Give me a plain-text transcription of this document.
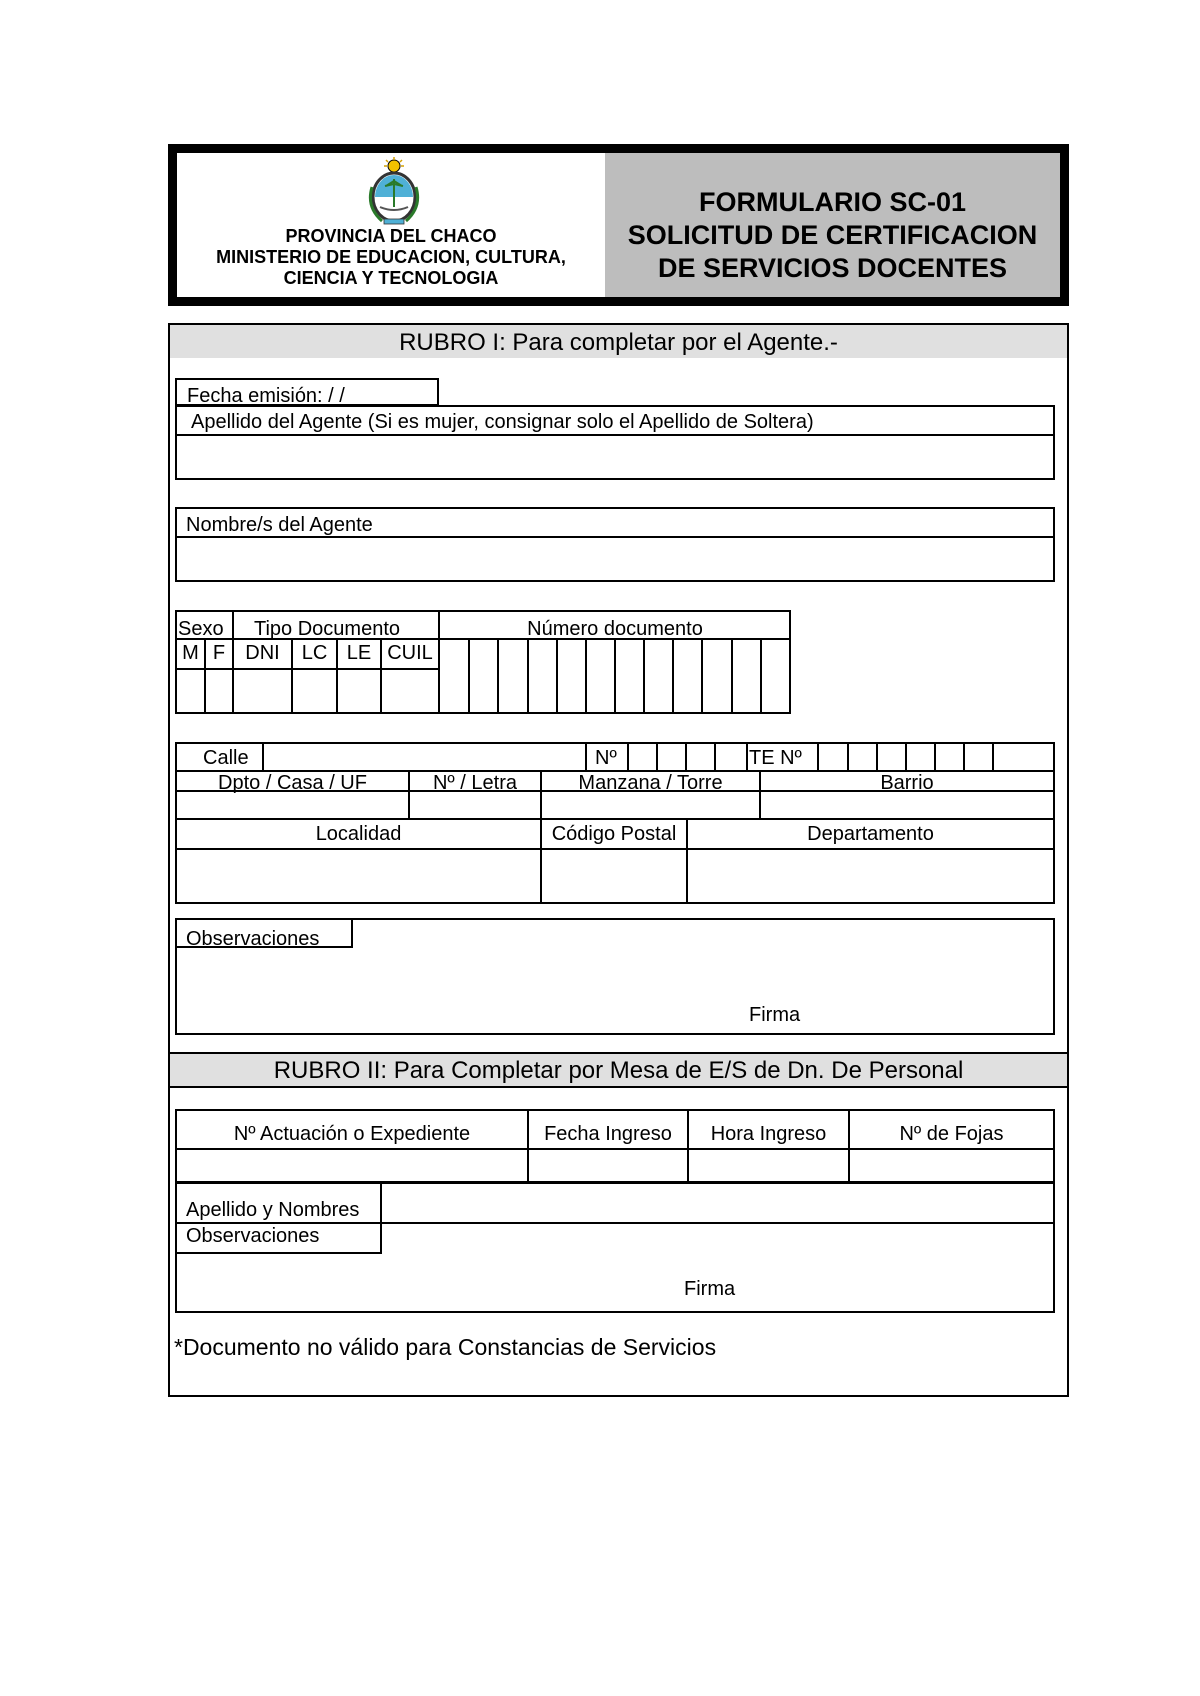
PROVINCIA DEL CHACO
MINISTERIO DE EDUCACION, CULTURA,
CIENCIA Y TECNOLOGIA
FORMULARIO SC-01
SOLICITUD DE CERTIFICACION
DE SERVICIOS DOCENTES
RUBRO I: Para completar por el Agente.-
Fecha emisión: / /
Apellido del Agente (Si es mujer, consignar solo el Apellido de Soltera)
Nombre/s del Agente
Sexo Tipo Documento	Número documento
M F	DNI	LC LE CUIL
Calle	Nº	TE Nº
Dpto / Casa / UF	Nº / Letra	Manzana / Torre	Barrio
Localidad	Código Postal	Departamento
Observaciones
Firma
RUBRO II: Para Completar por Mesa de E/S de Dn. De Personal
Nº Actuación o Expediente	Fecha Ingreso	Hora Ingreso	Nº de Fojas
Apellido y Nombres
Observaciones
Firma
*Documento no válido para Constancias de Servicios
